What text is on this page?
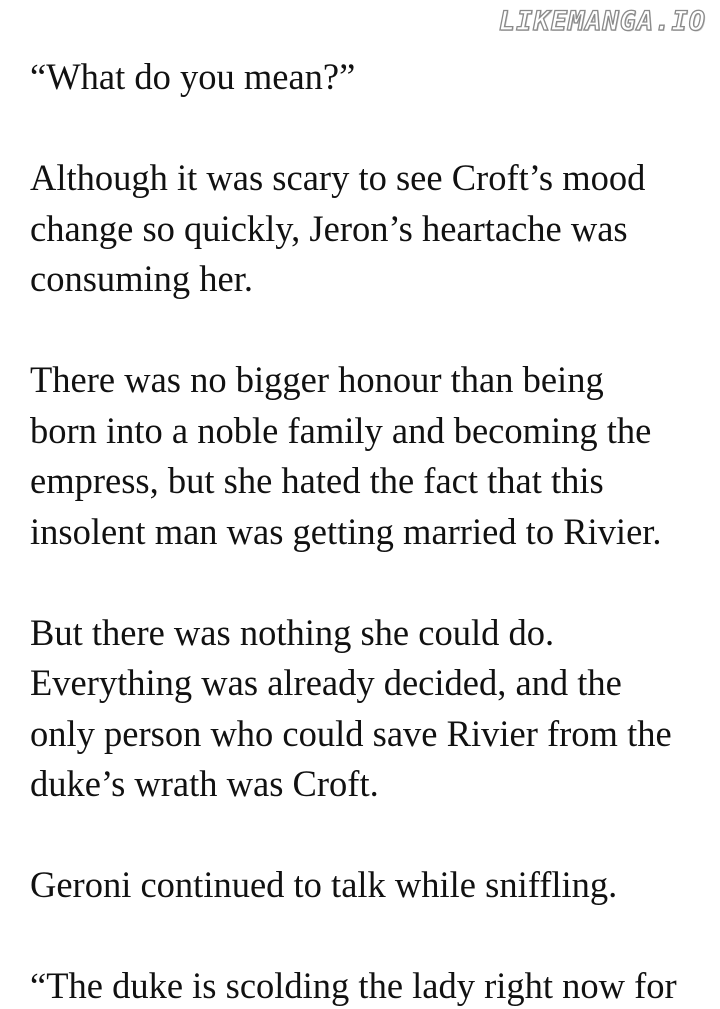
LIKEMANGA.IO
“What do you mean?”
Although it was scary to see Croft’s mood
change so quickly, Jeron’s heartache was
consuming her.
There was no bigger honour than being
born into a noble family and becoming the
empress, but she hated the fact that this
insolent man was getting married to Rivier.
But there was nothing she could do.
Everything was already decided, and the
only person who could save Rivier from the
duke’s wrath was Croft.
Geroni continued to talk while sniffling.
“The duke is scolding the lady right now for
